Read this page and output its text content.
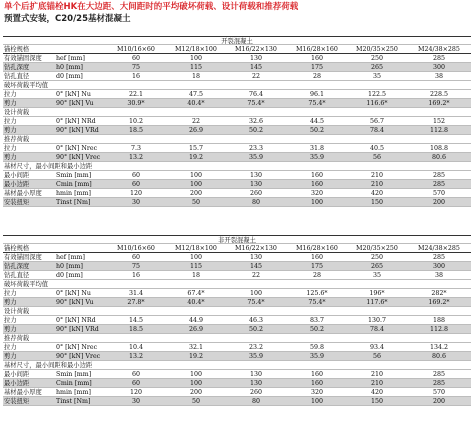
单个后扩底锚栓HK在大边距、大间距时的平均破坏荷载、设计荷载和推荐荷载
预置式安装，C20/25基材混凝土
开裂混凝土
锚栓规格	M10/16×60	M12/18×100	M16/22×130	M16/28×160	M20/35×250	M24/38×285
有效锚固深度	hef [mm]	60	100	130	160	250	285
钻孔深度	h0 [mm]	75	115	145	175	265	300
钻孔直径	d0 [mm]	16	18	22	28	35	38
破坏荷载平均值
拉力	0° [kN] Nu	22.1	47.5	76.4	96.1	122.5	228.5
剪力	90° [kN] Vu	30.9*	40.4*	75.4*	75.4*	116.6*	169.2*
设计荷载
拉力	0° [kN] NRd	10.2	22	32.6	44.5	56.7	152
剪力	90° [kN] VRd	18.5	26.9	50.2	50.2	78.4	112.8
推荐荷载
拉力	0° [kN] Nrec	7.3	15.7	23.3	31.8	40.5	108.8
剪力	90° [kN] Vrec	13.2	19.2	35.9	35.9	56	80.6
基材尺寸，最小间距和最小边距
最小间距	Smin [mm]	60	100	130	160	210	285
最小边距	Cmin [mm]	60	100	130	160	210	285
基材最小厚度	hmin [mm]	120	200	260	320	420	570
安装扭矩	Tinst [Nm]	30	50	80	100	150	200
非开裂混凝土
锚栓规格	M10/16×60	M12/18×100	M16/22×130	M16/28×160	M20/35×250	M24/38×285
有效锚固深度	hef [mm]	60	100	130	160	250	285
钻孔深度	h0 [mm]	75	115	145	175	265	300
钻孔直径	d0 [mm]	16	18	22	28	35	38
破坏荷载平均值
拉力	0° [kN] Nu	31.4	67.4*	100	125.6*	196*	282*
剪力	90° [kN] Vu	27.8*	40.4*	75.4*	75.4*	117.6*	169.2*
设计荷载
拉力	0° [kN] NRd	14.5	44.9	46.3	83.7	130.7	188
剪力	90° [kN] VRd	18.5	26.9	50.2	50.2	78.4	112.8
推荐荷载
拉力	0° [kN] Nrec	10.4	32.1	23.2	59.8	93.4	134.2
剪力	90° [kN] Vrec	13.2	19.2	35.9	35.9	56	80.6
基材尺寸，最小间距和最小边距
最小间距	Smin [mm]	60	100	130	160	210	285
最小边距	Cmin [mm]	60	100	130	160	210	285
基材最小厚度	hmin [mm]	120	200	260	320	420	570
安装扭矩	Tinst [Nm]	30	50	80	100	150	200
